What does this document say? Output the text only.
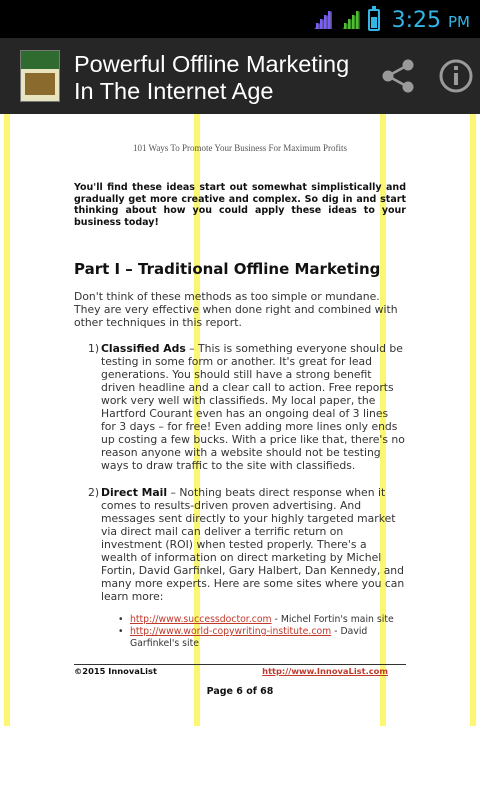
3:25 PM
Powerful Offline Marketing
In The Internet Age
101 Ways To Promote Your Business For Maximum Profits
You'll find these ideas start out somewhat simplistically and gradually get more creative and complex. So dig in and start thinking about how you could apply these ideas to your business today!
Part I – Traditional Offline Marketing
Don't think of these methods as too simple or mundane. They are very effective when done right and combined with other techniques in this report.
1) Classified Ads – This is something everyone should be testing in some form or another. It's great for lead generations. You should still have a strong benefit driven headline and a clear call to action. Free reports work very well with classifieds. My local paper, the Hartford Courant even has an ongoing deal of 3 lines for 3 days – for free! Even adding more lines only ends up costing a few bucks. With a price like that, there's no reason anyone with a website should not be testing ways to draw traffic to the site with classifieds.
2) Direct Mail – Nothing beats direct response when it comes to results-driven proven advertising. And messages sent directly to your highly targeted market via direct mail can deliver a terrific return on investment (ROI) when tested properly. There's a wealth of information on direct marketing by Michel Fortin, David Garfinkel, Gary Halbert, Dan Kennedy, and many more experts. Here are some sites where you can learn more:
• http://www.successdoctor.com - Michel Fortin's main site
• http://www.world-copywriting-institute.com - David Garfinkel's site
©2015 InnovaList	http://www.InnovaList.com
Page 6 of 68
